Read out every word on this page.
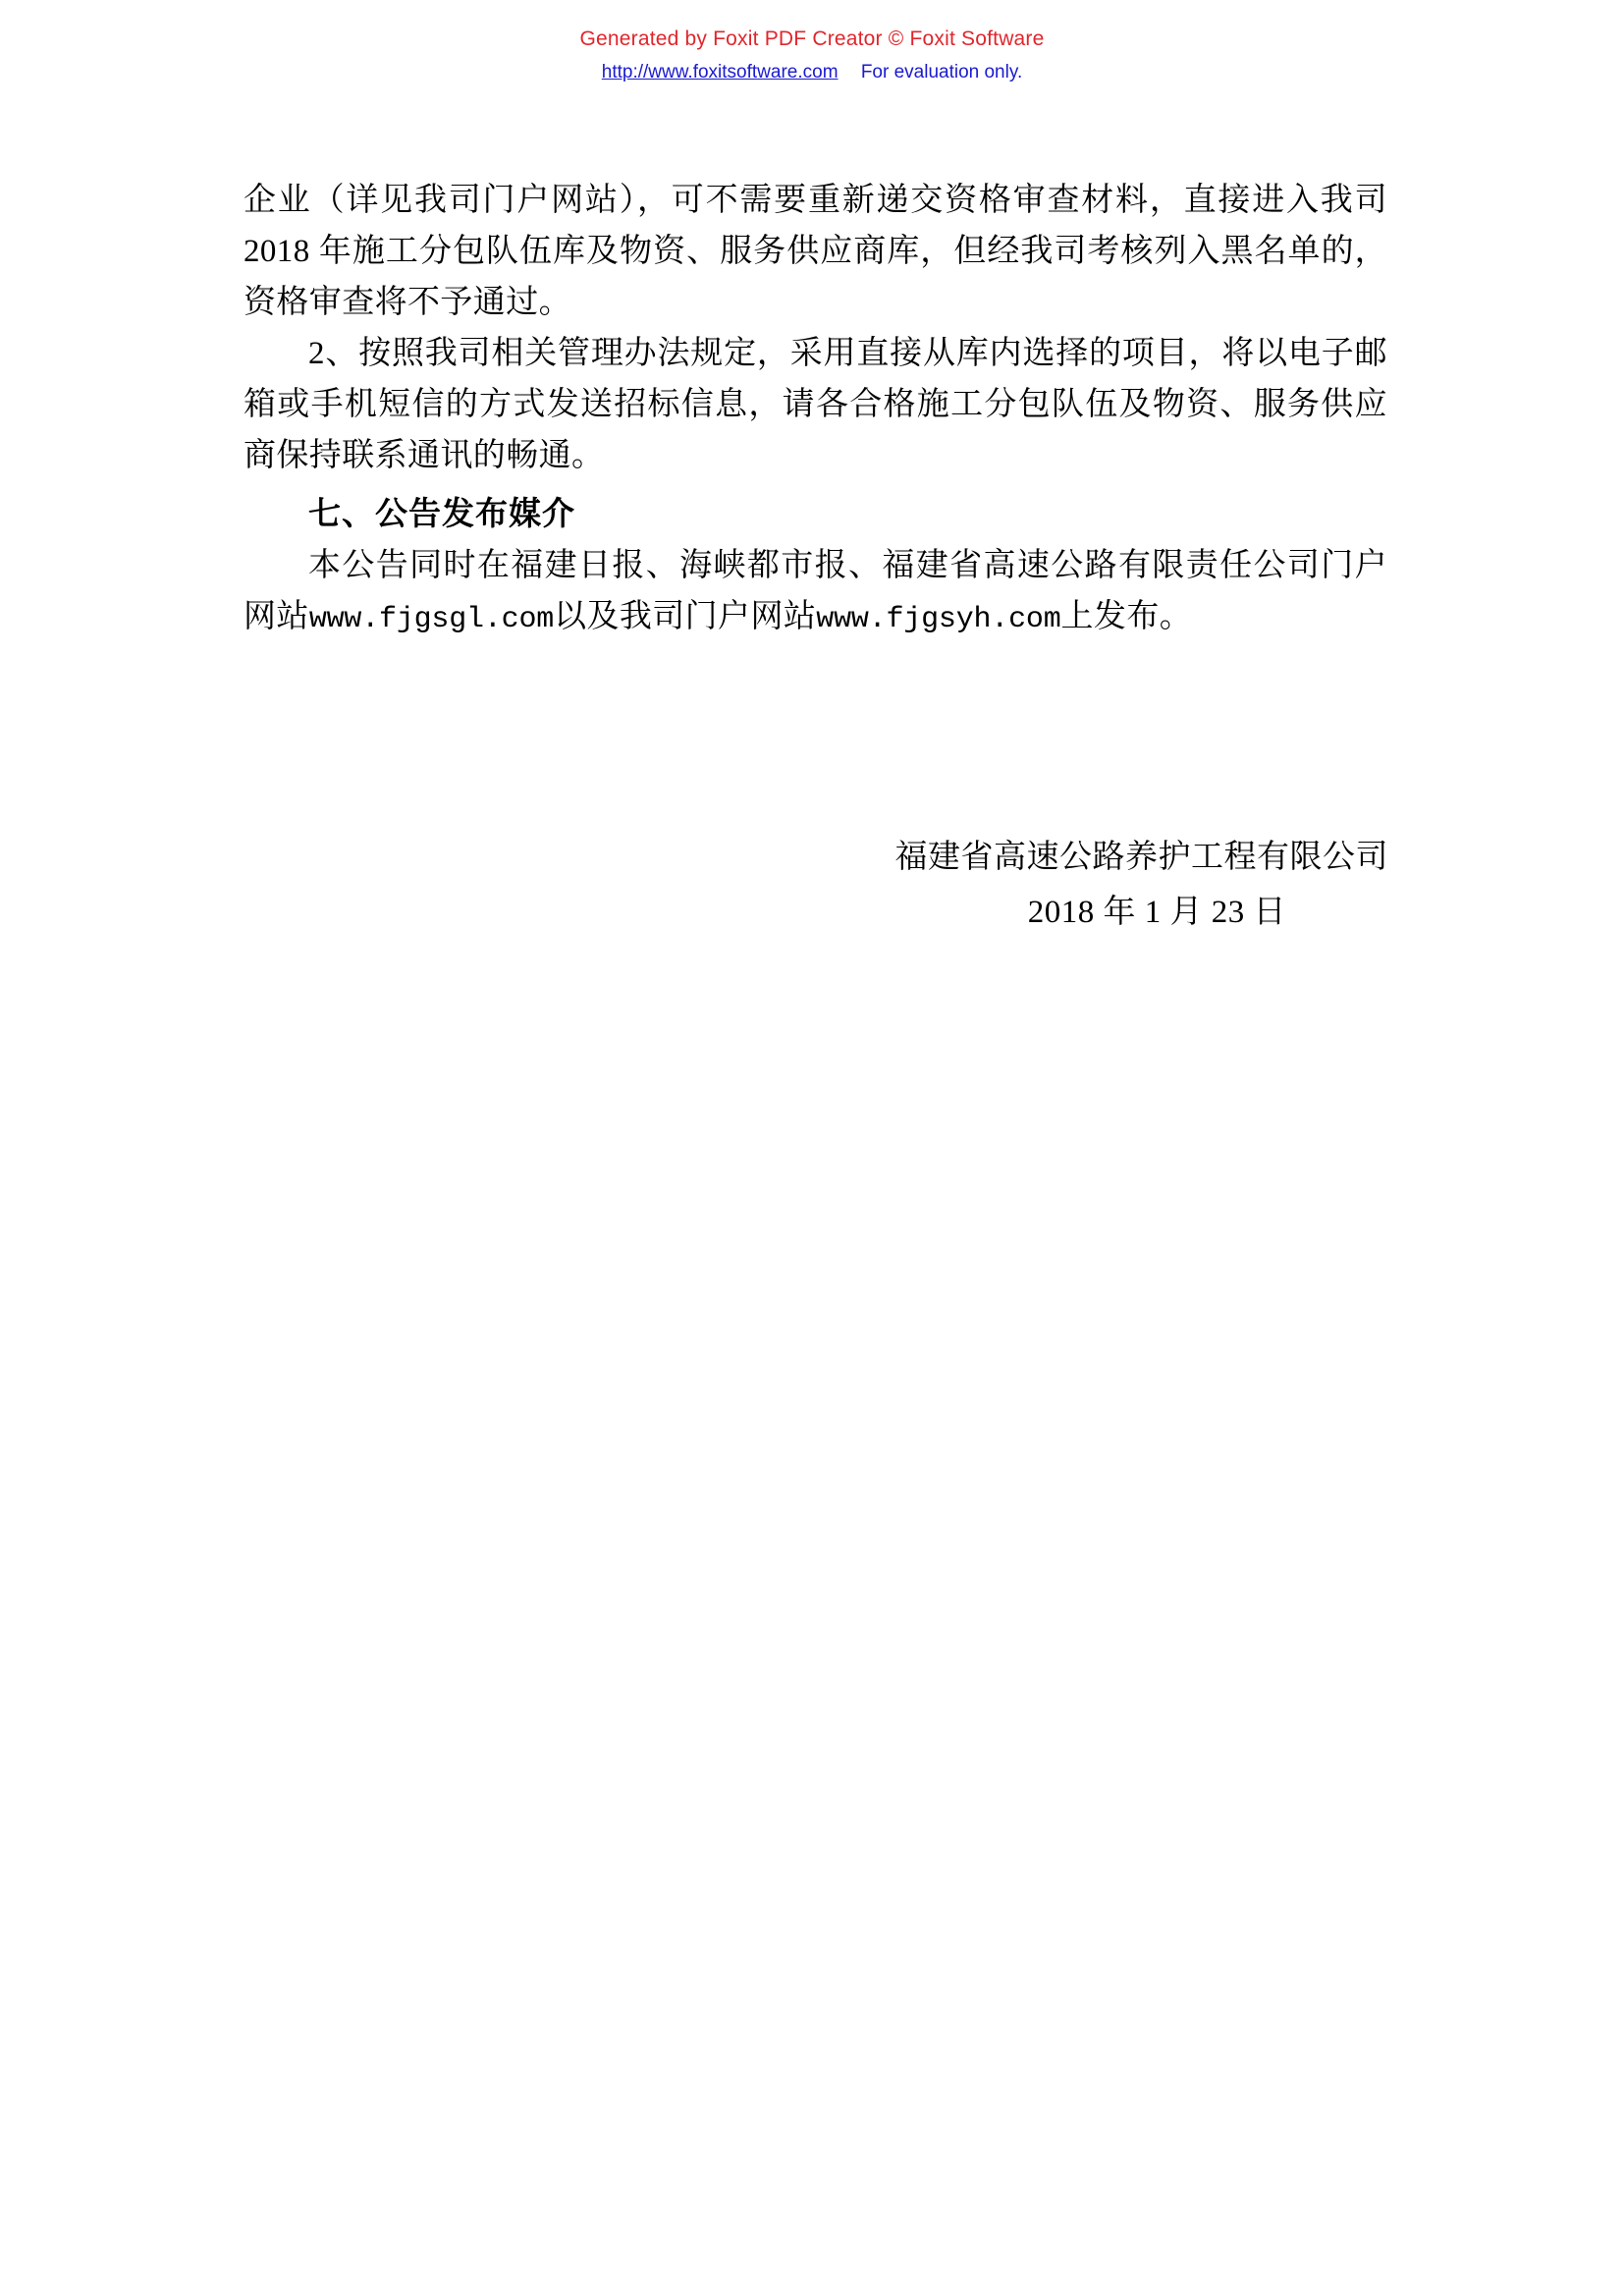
Generated by Foxit PDF Creator © Foxit Software
http://www.foxitsoftware.com For evaluation only.

企业（详见我司门户网站），可不需要重新递交资格审查材料，直接进入我司 2018 年施工分包队伍库及物资、服务供应商库，但经我司考核列入黑名单的，资格审查将不予通过。

2、按照我司相关管理办法规定，采用直接从库内选择的项目，将以电子邮箱或手机短信的方式发送招标信息，请各合格施工分包队伍及物资、服务供应商保持联系通讯的畅通。

七、公告发布媒介

本公告同时在福建日报、海峡都市报、福建省高速公路有限责任公司门户网站www.fjgsgl.com以及我司门户网站www.fjgsyh.com上发布。

福建省高速公路养护工程有限公司
2018 年 1 月 23 日
